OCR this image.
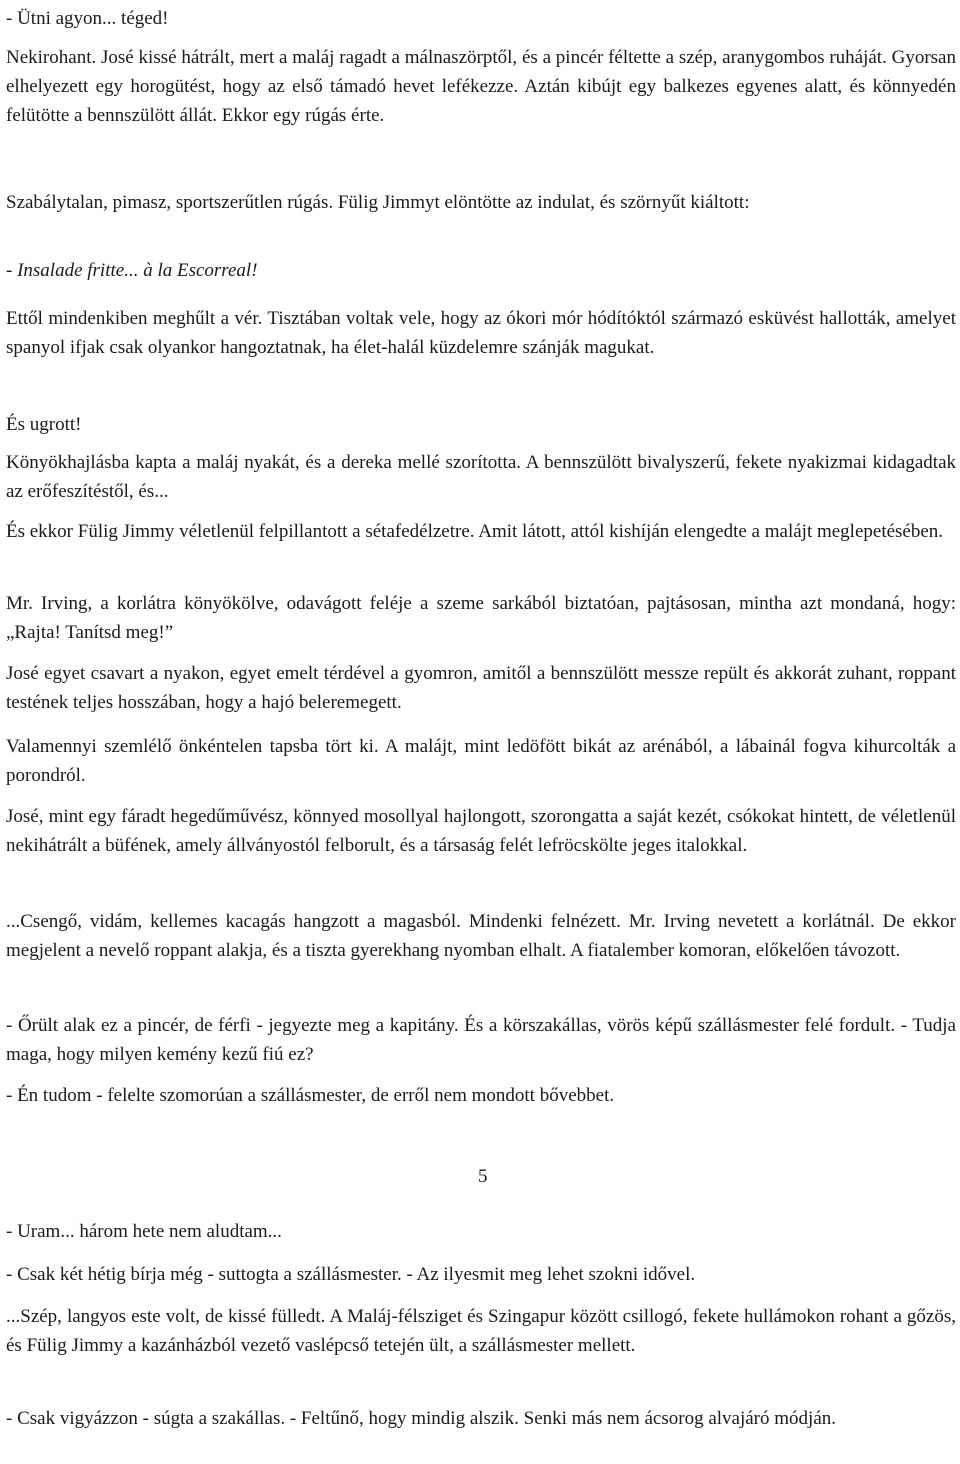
- Ütni agyon... téged!

Nekirohant. José kissé hátrált, mert a maláj ragadt a málnaszörptől, és a pincér féltette a szép, aranygombos ruháját. Gyorsan elhelyezett egy horogütést, hogy az első támadó hevet lefékezze. Aztán kibújt egy balkezes egyenes alatt, és könnyedén felütötte a bennszülött állát. Ekkor egy rúgás érte.

Szabálytalan, pimasz, sportszerűtlen rúgás. Fülig Jimmyt elöntötte az indulat, és szörnyűt kiáltott:

- Insalade fritte... à la Escorreal!

Ettől mindenkiben meghűlt a vér. Tisztában voltak vele, hogy az ókori mór hódítóktól származó esküvést hallották, amelyet spanyol ifjak csak olyankor hangoztatnak, ha élet-halál küzdelemre szánják magukat.

És ugrott!

Könyökhajlásba kapta a maláj nyakát, és a dereka mellé szorította. A bennszülött bivalyszerű, fekete nyakizmai kidagadtak az erőfeszítéstől, és...

És ekkor Fülig Jimmy véletlenül felpillantott a sétafedélzetre. Amit látott, attól kishíján elengedte a malájt meglepetésében.

Mr. Irving, a korlátra könyökölve, odavágott feléje a szeme sarkából biztatóan, pajtásosan, mintha azt mondaná, hogy: „Rajta! Tanítsd meg!”

José egyet csavart a nyakon, egyet emelt térdével a gyomron, amitől a bennszülött messze repült és akkorát zuhant, roppant testének teljes hosszában, hogy a hajó beleremegett.

Valamennyi szemlélő önkéntelen tapsba tört ki. A malájt, mint ledöfött bikát az arénából, a lábainál fogva kihurcolták a porondról.

José, mint egy fáradt hegedűművész, könnyed mosollyal hajlongott, szorongatta a saját kezét, csókokat hintett, de véletlenül nekihátrált a büfének, amely állványostól felborult, és a társaság felét lefröcskölte jeges italokkal.

...Csengő, vidám, kellemes kacagás hangzott a magasból. Mindenki felnézett. Mr. Irving nevetett a korlátnál. De ekkor megjelent a nevelő roppant alakja, és a tiszta gyerekhang nyomban elhalt. A fiatalember komoran, előkelően távozott.

- Őrült alak ez a pincér, de férfi - jegyezte meg a kapitány. És a körszakállas, vörös képű szállásmester felé fordult. - Tudja maga, hogy milyen kemény kezű fiú ez?

- Én tudom - felelte szomorúan a szállásmester, de erről nem mondott bővebbet.

5

- Uram... három hete nem aludtam...

- Csak két hétig bírja még - suttogta a szállásmester. - Az ilyesmit meg lehet szokni idővel.

...Szép, langyos este volt, de kissé fülledt. A Maláj-félsziget és Szingapur között csillogó, fekete hullámokon rohant a gőzös, és Fülig Jimmy a kazánházból vezető vaslépcső tetején ült, a szállásmester mellett.

- Csak vigyázzon - súgta a szakállas. - Feltűnő, hogy mindig alszik. Senki más nem ácsorog alvajáró módján.
